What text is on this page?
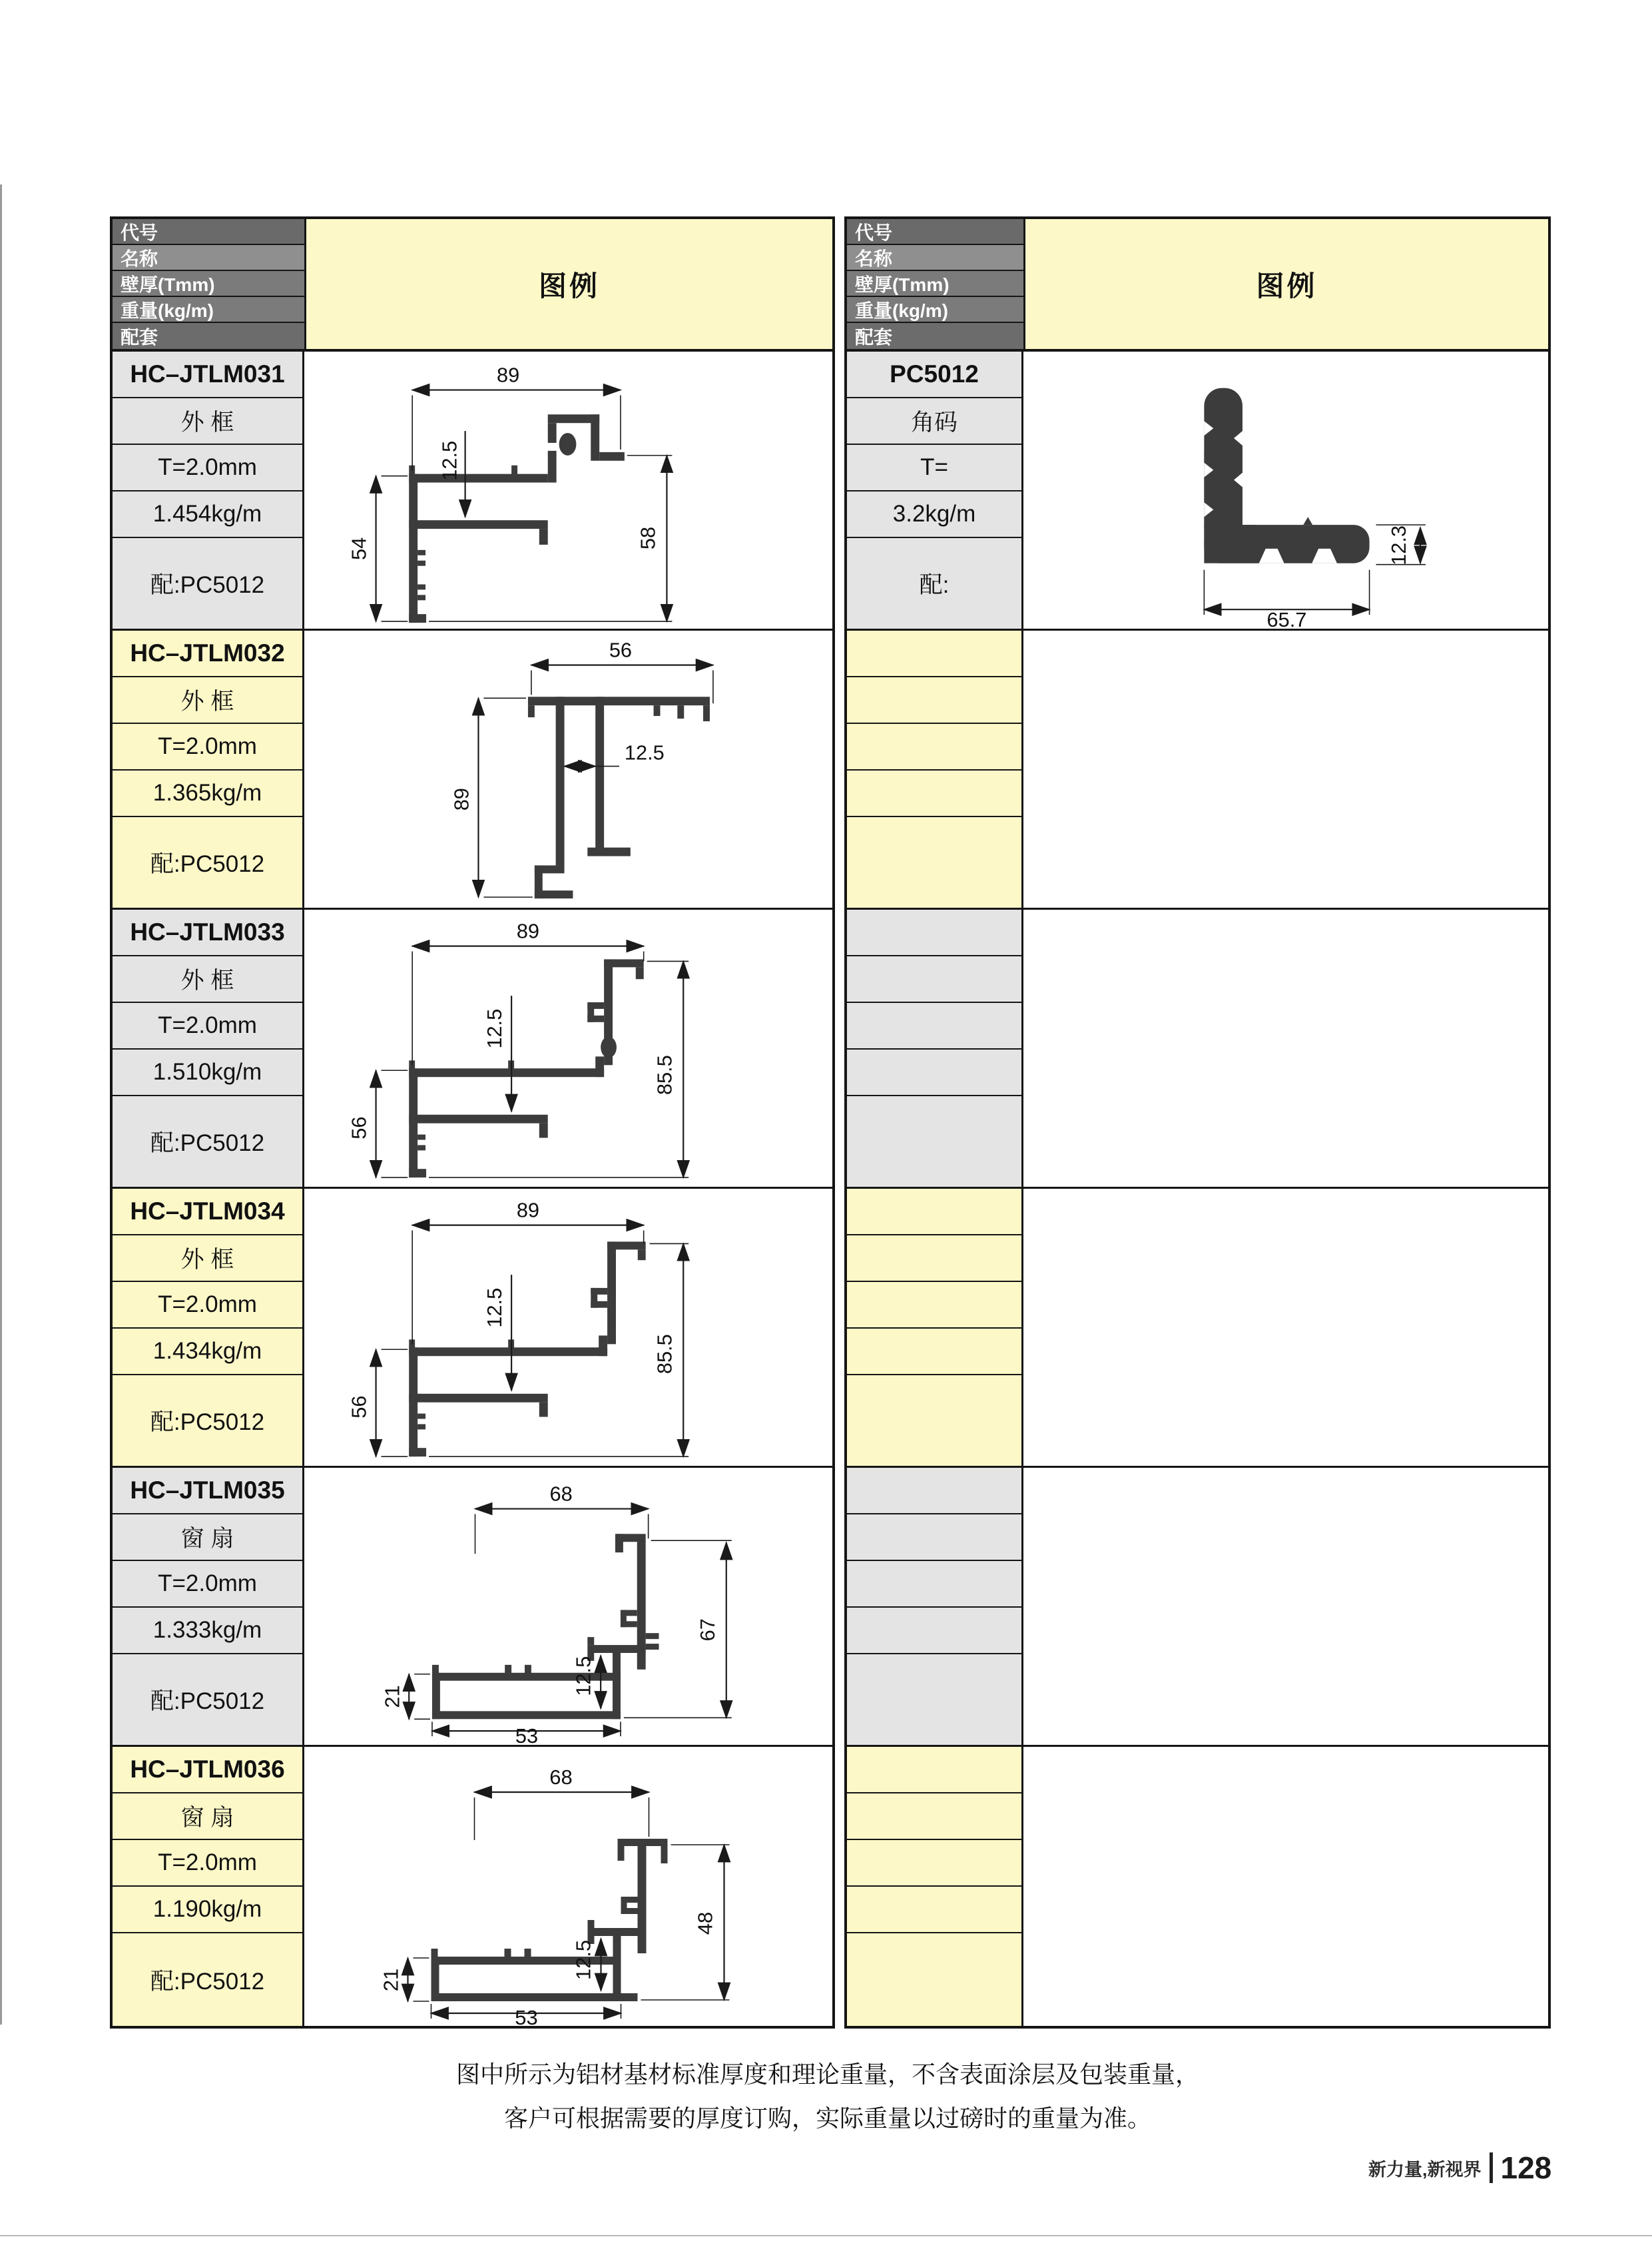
代号
名称
壁厚(Tmm)
重量(kg/m)
配套
图例
HC–JTLM031
外 框
T=2.0mm
1.454kg/m
配:PC5012
89
12.5
54	58
HC–JTLM032
外 框
T=2.0mm
1.365kg/m
配:PC5012
56
89
12.5
HC–JTLM033
外 框
T=2.0mm
1.510kg/m
配:PC5012
89
12.5
56
85.5
HC–JTLM034
外 框
T=2.0mm
1.434kg/m
配:PC5012
89
12.5
56
85.5
HC–JTLM035
窗 扇
T=2.0mm
1.333kg/m
配:PC5012
68
67
12.5
21
53
HC–JTLM036
窗 扇
T=2.0mm
1.190kg/m
配:PC5012
68
48
12.5
21
53
代号
名称
壁厚(Tmm)
重量(kg/m)
配套
图例
PC5012
角码
T=
3.2kg/m
配:
12.3
65.7
图中所示为铝材基材标准厚度和理论重量，不含表面涂层及包装重量，
客户可根据需要的厚度订购，实际重量以过磅时的重量为准。
新力量,新视界 128
